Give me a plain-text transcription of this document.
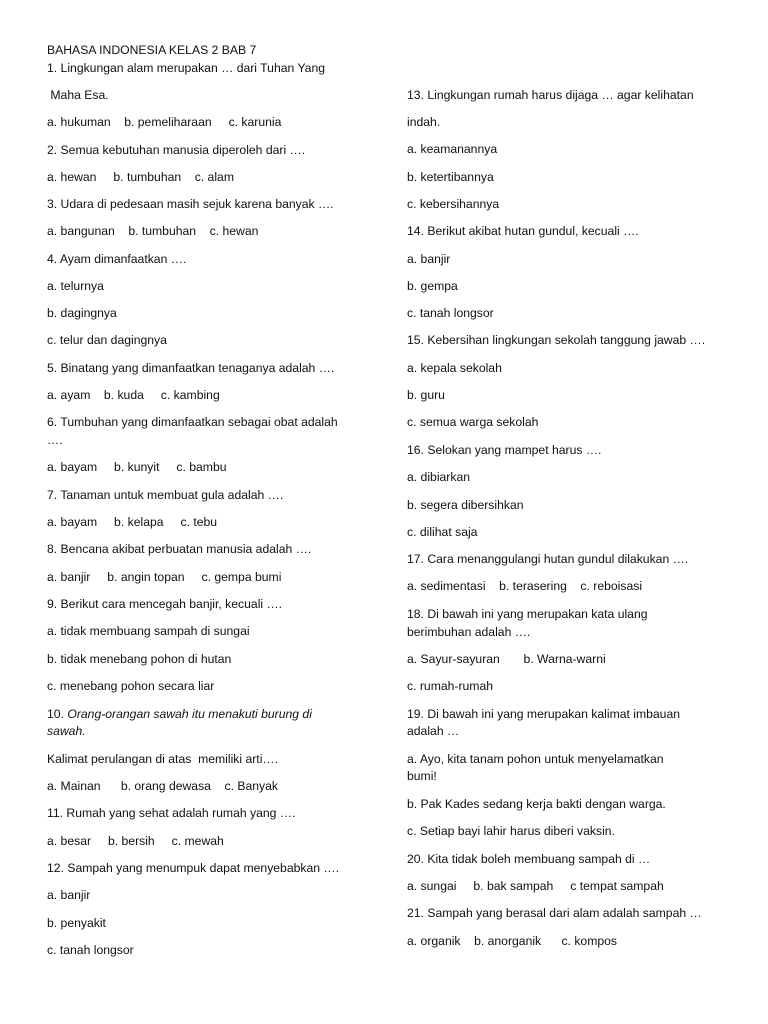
BAHASA INDONESIA KELAS 2 BAB 7

1. Lingkungan alam merupakan … dari Tuhan Yang

Maha Esa.

a. hukuman    b. pemeliharaan     c. karunia

2. Semua kebutuhan manusia diperoleh dari ….

a. hewan     b. tumbuhan    c. alam

3. Udara di pedesaan masih sejuk karena banyak ….

a. bangunan    b. tumbuhan    c. hewan

4. Ayam dimanfaatkan ….

a. telurnya

b. dagingnya

c. telur dan dagingnya

5. Binatang yang dimanfaatkan tenaganya adalah ….

a. ayam    b. kuda     c. kambing

6. Tumbuhan yang dimanfaatkan sebagai obat adalah

….

a. bayam     b. kunyit     c. bambu

7. Tanaman untuk membuat gula adalah ….

a. bayam     b. kelapa     c. tebu

8. Bencana akibat perbuatan manusia adalah ….

a. banjir     b. angin topan     c. gempa bumi

9. Berikut cara mencegah banjir, kecuali ….

a. tidak membuang sampah di sungai

b. tidak menebang pohon di hutan

c. menebang pohon secara liar

10. Orang-orangan sawah itu menakuti burung di

sawah.

Kalimat perulangan di atas  memiliki arti….

a. Mainan      b. orang dewasa    c. Banyak

11. Rumah yang sehat adalah rumah yang ….

a. besar     b. bersih     c. mewah

12. Sampah yang menumpuk dapat menyebabkan ….

a. banjir

b. penyakit

c. tanah longsor

13. Lingkungan rumah harus dijaga … agar kelihatan

indah.

a. keamanannya

b. ketertibannya

c. kebersihannya

14. Berikut akibat hutan gundul, kecuali ….

a. banjir

b. gempa

c. tanah longsor

15. Kebersihan lingkungan sekolah tanggung jawab ….

a. kepala sekolah

b. guru

c. semua warga sekolah

16. Selokan yang mampet harus ….

a. dibiarkan

b. segera dibersihkan

c. dilihat saja

17. Cara menanggulangi hutan gundul dilakukan ….

a. sedimentasi    b. terasering    c. reboisasi

18. Di bawah ini yang merupakan kata ulang

berimbuhan adalah ….

a. Sayur-sayuran       b. Warna-warni

c. rumah-rumah

19. Di bawah ini yang merupakan kalimat imbauan

adalah …

a. Ayo, kita tanam pohon untuk menyelamatkan

bumi!

b. Pak Kades sedang kerja bakti dengan warga.

c. Setiap bayi lahir harus diberi vaksin.

20. Kita tidak boleh membuang sampah di …

a. sungai     b. bak sampah     c tempat sampah

21. Sampah yang berasal dari alam adalah sampah …

a. organik    b. anorganik      c. kompos
